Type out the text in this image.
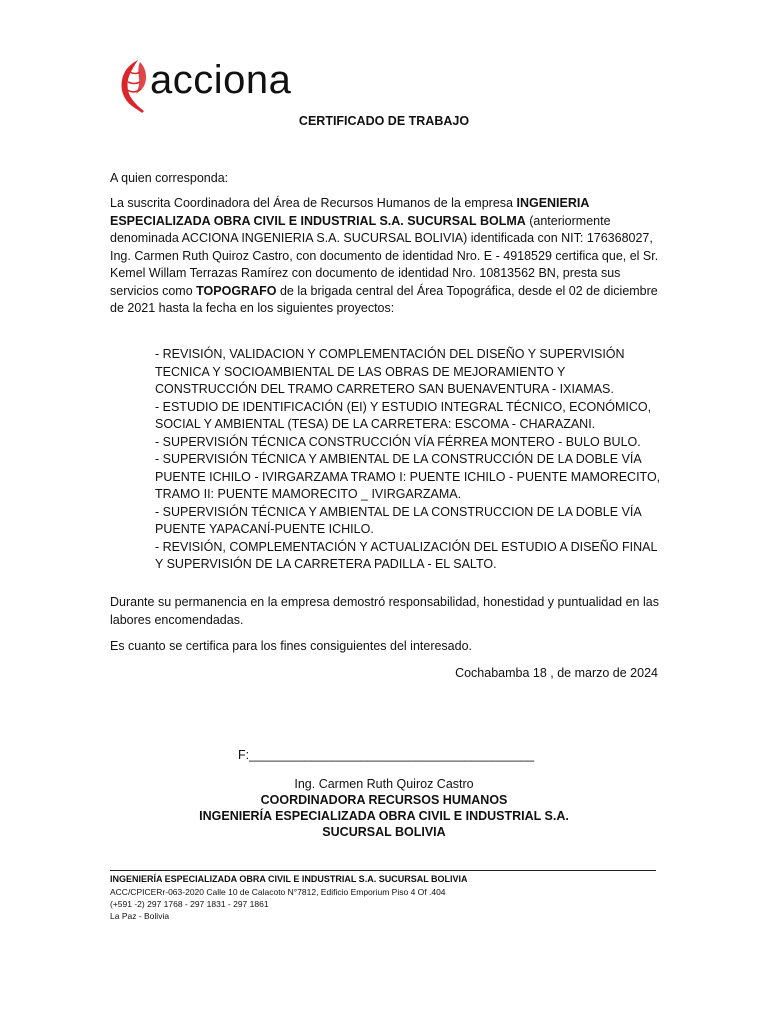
acciona
CERTIFICADO DE TRABAJO
A quien corresponda:
La suscrita Coordinadora del Área de Recursos Humanos de la empresa INGENIERIA ESPECIALIZADA OBRA CIVIL E INDUSTRIAL S.A. SUCURSAL BOLMA (anteriormente denominada ACCIONA INGENIERIA S.A. SUCURSAL BOLIVIA) identificada con NIT: 176368027, Ing. Carmen Ruth Quiroz Castro, con documento de identidad Nro. E - 4918529 certifica que, el Sr. Kemel Willam Terrazas Ramírez con documento de identidad Nro. 10813562 BN, presta sus servicios como TOPOGRAFO de la brigada central del Área Topográfica, desde el 02 de diciembre de 2021 hasta la fecha en los siguientes proyectos:
- REVISIÓN, VALIDACION Y COMPLEMENTACIÓN DEL DISEÑO Y SUPERVISIÓN TECNICA Y SOCIOAMBIENTAL DE LAS OBRAS DE MEJORAMIENTO Y CONSTRUCCIÓN DEL TRAMO CARRETERO SAN BUENAVENTURA - IXIAMAS.
- ESTUDIO DE IDENTIFICACIÓN (EI) Y ESTUDIO INTEGRAL TÉCNICO, ECONÓMICO, SOCIAL Y AMBIENTAL (TESA) DE LA CARRETERA: ESCOMA - CHARAZANI.
- SUPERVISIÓN TÉCNICA CONSTRUCCIÓN VÍA FÉRREA MONTERO - BULO BULO.
- SUPERVISIÓN TÉCNICA Y AMBIENTAL DE LA CONSTRUCCIÓN DE LA DOBLE VÍA PUENTE ICHILO - IVIRGARZAMA TRAMO I: PUENTE ICHILO - PUENTE MAMORECITO, TRAMO II: PUENTE MAMORECITO _ IVIRGARZAMA.
- SUPERVISIÓN TÉCNICA Y AMBIENTAL DE LA CONSTRUCCION DE LA DOBLE VÍA PUENTE YAPACANÍ-PUENTE ICHILO.
- REVISIÓN, COMPLEMENTACIÓN Y ACTUALIZACIÓN DEL ESTUDIO A DISEÑO FINAL Y SUPERVISIÓN DE LA CARRETERA PADILLA - EL SALTO.
Durante su permanencia en la empresa demostró responsabilidad, honestidad y puntualidad en las labores encomendadas.
Es cuanto se certifica para los fines consiguientes del interesado.
Cochabamba 18 , de marzo de 2024
F:_________________________________________
Ing. Carmen Ruth Quiroz Castro
COORDINADORA RECURSOS HUMANOS
INGENIERÍA ESPECIALIZADA OBRA CIVIL E INDUSTRIAL S.A.
SUCURSAL BOLIVIA
INGENIERÍA ESPECIALIZADA OBRA CIVIL E INDUSTRIAL S.A. SUCURSAL BOLIVIA
ACC/CPICERr-063-2020 Calle 10 de Calacoto N°7812, Edificio Emporium Piso 4 Of .404
(+591 -2) 297 1768 - 297 1831 - 297 1861
La Paz - Bolivia
